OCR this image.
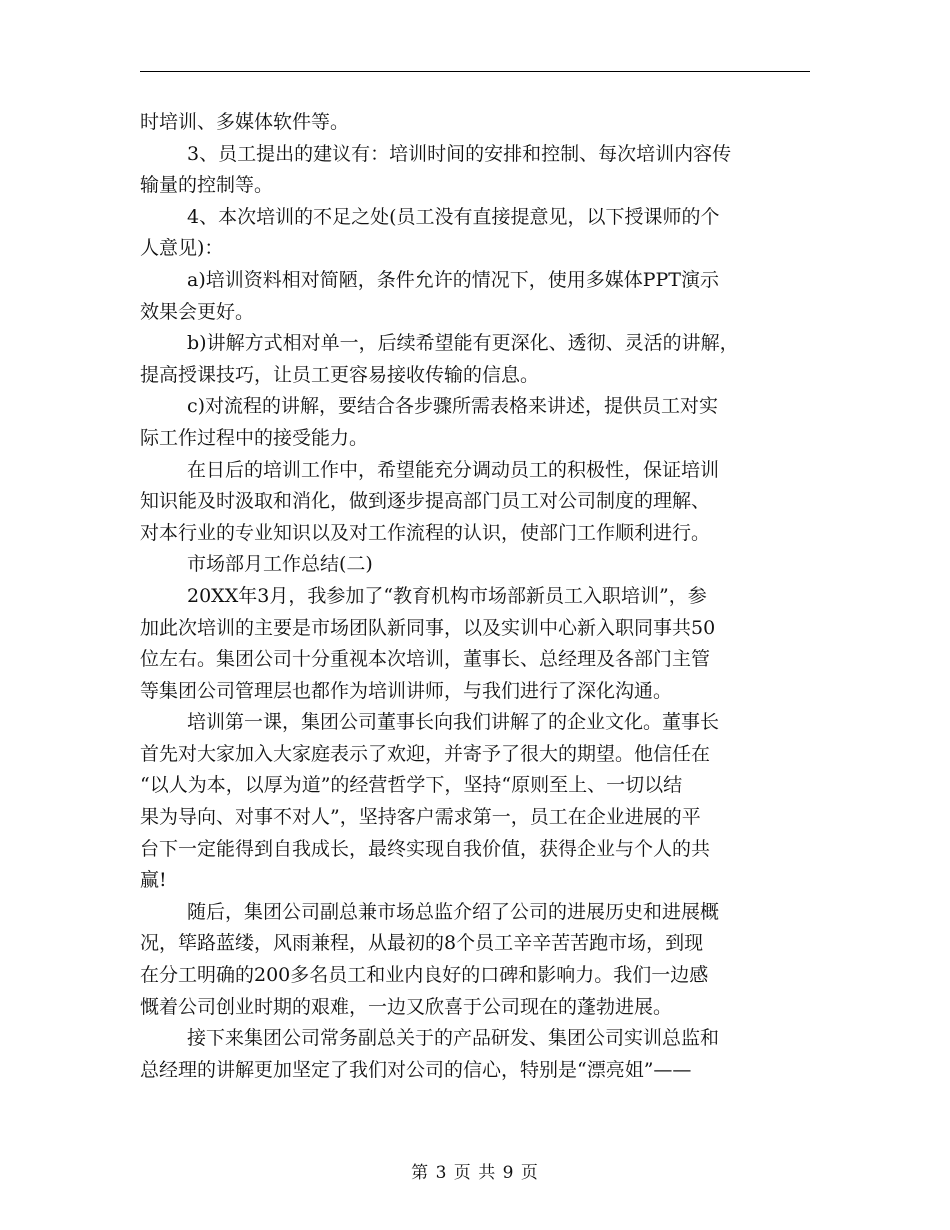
时培训、多媒体软件等。
3、员工提出的建议有：培训时间的安排和控制、每次培训内容传
输量的控制等。
4、本次培训的不足之处(员工没有直接提意见，以下授课师的个
人意见)：
a)培训资料相对简陋，条件允许的情况下，使用多媒体PPT演示
效果会更好。
b)讲解方式相对单一，后续希望能有更深化、透彻、灵活的讲解，
提高授课技巧，让员工更容易接收传输的信息。
c)对流程的讲解，要结合各步骤所需表格来讲述，提供员工对实
际工作过程中的接受能力。
在日后的培训工作中，希望能充分调动员工的积极性，保证培训
知识能及时汲取和消化，做到逐步提高部门员工对公司制度的理解、
对本行业的专业知识以及对工作流程的认识，使部门工作顺利进行。
市场部月工作总结(二)
20XX年3月，我参加了“教育机构市场部新员工入职培训”，参
加此次培训的主要是市场团队新同事，以及实训中心新入职同事共50
位左右。集团公司十分重视本次培训，董事长、总经理及各部门主管
等集团公司管理层也都作为培训讲师，与我们进行了深化沟通。
培训第一课，集团公司董事长向我们讲解了的企业文化。董事长
首先对大家加入大家庭表示了欢迎，并寄予了很大的期望。他信任在
“以人为本，以厚为道”的经营哲学下，坚持“原则至上、一切以结
果为导向、对事不对人”，坚持客户需求第一，员工在企业进展的平
台下一定能得到自我成长，最终实现自我价值，获得企业与个人的共
赢!
随后，集团公司副总兼市场总监介绍了公司的进展历史和进展概
况，筚路蓝缕，风雨兼程，从最初的8个员工辛辛苦苦跑市场，到现
在分工明确的200多名员工和业内良好的口碑和影响力。我们一边感
慨着公司创业时期的艰难，一边又欣喜于公司现在的蓬勃进展。
接下来集团公司常务副总关于的产品研发、集团公司实训总监和
总经理的讲解更加坚定了我们对公司的信心，特别是“漂亮姐”——
第 3 页 共 9 页
